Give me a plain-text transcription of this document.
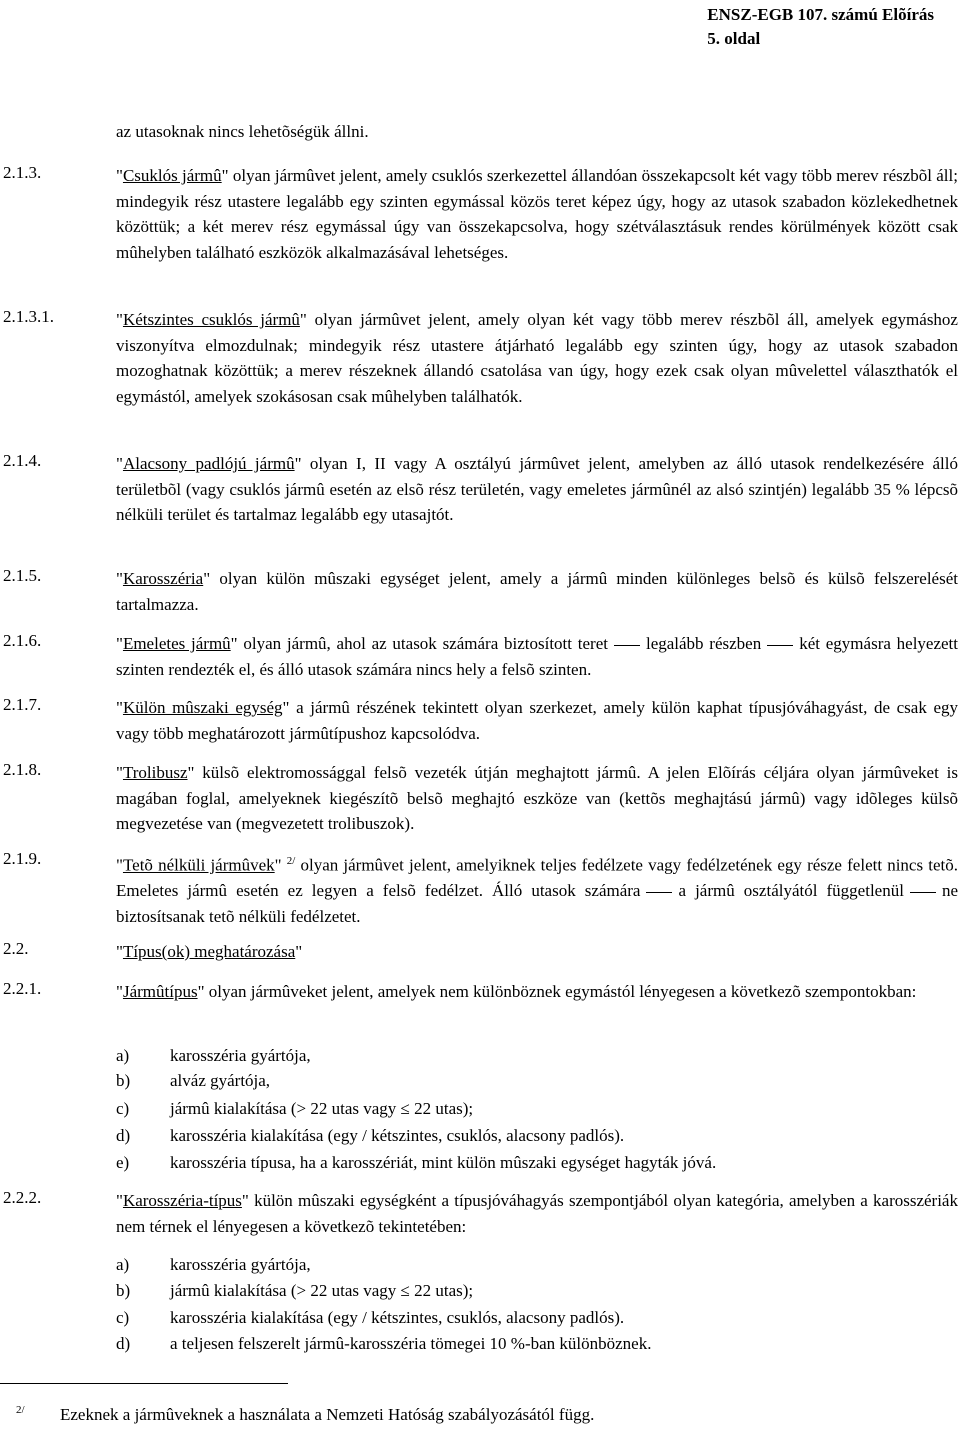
ENSZ-EGB 107. számú Elõírás
5. oldal
az utasoknak nincs lehetõségük állni.
2.1.3.	"Csuklós jármû" olyan jármûvet jelent, amely csuklós szerkezettel állandóan összekapcsolt két vagy több merev részbõl áll; mindegyik rész utastere legalább egy szinten egymással közös teret képez úgy, hogy az utasok szabadon közlekedhetnek közöttük; a két merev rész egymással úgy van összekapcsolva, hogy szétválasztásuk rendes körülmények között csak mûhelyben található eszközök alkalmazásával lehetséges.
2.1.3.1.	"Kétszintes csuklós jármû" olyan jármûvet jelent, amely olyan két vagy több merev részbõl áll, amelyek egymáshoz viszonyítva elmozdulnak; mindegyik rész utastere átjárható legalább egy szinten úgy, hogy az utasok szabadon mozoghatnak közöttük; a merev részeknek állandó csatolása van úgy, hogy ezek csak olyan mûvelettel választhatók el egymástól, amelyek szokásosan csak mûhelyben találhatók.
2.1.4.	"Alacsony padlójú jármû" olyan I, II vagy A osztályú jármûvet jelent, amelyben az álló utasok rendelkezésére álló területbõl (vagy csuklós jármû esetén az elsõ rész területén, vagy emeletes jármûnél az alsó szintjén) legalább 35 % lépcsõ nélküli terület és tartalmaz legalább egy utasajtót.
2.1.5.	"Karosszéria" olyan külön mûszaki egységet jelent, amely a jármû minden különleges belsõ és külsõ felszerelését tartalmazza.
2.1.6.	"Emeletes jármû" olyan jármû, ahol az utasok számára biztosított teret legalább részben két egymásra helyezett szinten rendezték el, és álló utasok számára nincs hely a felsõ szinten.
2.1.7.	"Külön mûszaki egység" a jármû részének tekintett olyan szerkezet, amely külön kaphat típusjóváhagyást, de csak egy vagy több meghatározott jármûtípushoz kapcsolódva.
2.1.8.	"Trolibusz" külsõ elektromossággal felsõ vezeték útján meghajtott jármû. A jelen Elõírás céljára olyan jármûveket is magában foglal, amelyeknek kiegészítõ belsõ meghajtó eszköze van (kettõs meghajtású jármû) vagy idõleges külsõ megvezetése van (megvezetett trolibuszok).
2.1.9.	"Tetõ nélküli jármûvek" $^{2/}$ olyan jármûvet jelent, amelyiknek teljes fedélzete vagy fedélzetének egy része felett nincs tetõ. Emeletes jármû esetén ez legyen a felsõ fedélzet. Álló utasok számára a jármû osztályától függetlenül ne biztosítsanak tetõ nélküli fedélzetet.
2.2.	"Típus(ok) meghatározása"
2.2.1.	"Jármûtípus" olyan jármûveket jelent, amelyek nem különböznek egymástól lényegesen a következõ szempontokban:
a) karosszéria gyártója,
b) alváz gyártója,
c) jármû kialakítása (> 22 utas vagy ≤ 22 utas);
d) karosszéria kialakítása (egy / kétszintes, csuklós, alacsony padlós).
e) karosszéria típusa, ha a karosszériát, mint külön mûszaki egységet hagyták jóvá.
2.2.2.	"Karosszéria-típus" külön mûszaki egységként a típusjóváhagyás szempontjából olyan kategória, amelyben a karosszériák nem térnek el lényegesen a következõ tekintetében:
a) karosszéria gyártója,
b) jármû kialakítása (> 22 utas vagy ≤ 22 utas);
c) karosszéria kialakítása (egy / kétszintes, csuklós, alacsony padlós).
d) a teljesen felszerelt jármû-karosszéria tömegei 10 %-ban különböznek.
2/ Ezeknek a jármûveknek a használata a Nemzeti Hatóság szabályozásától függ.
